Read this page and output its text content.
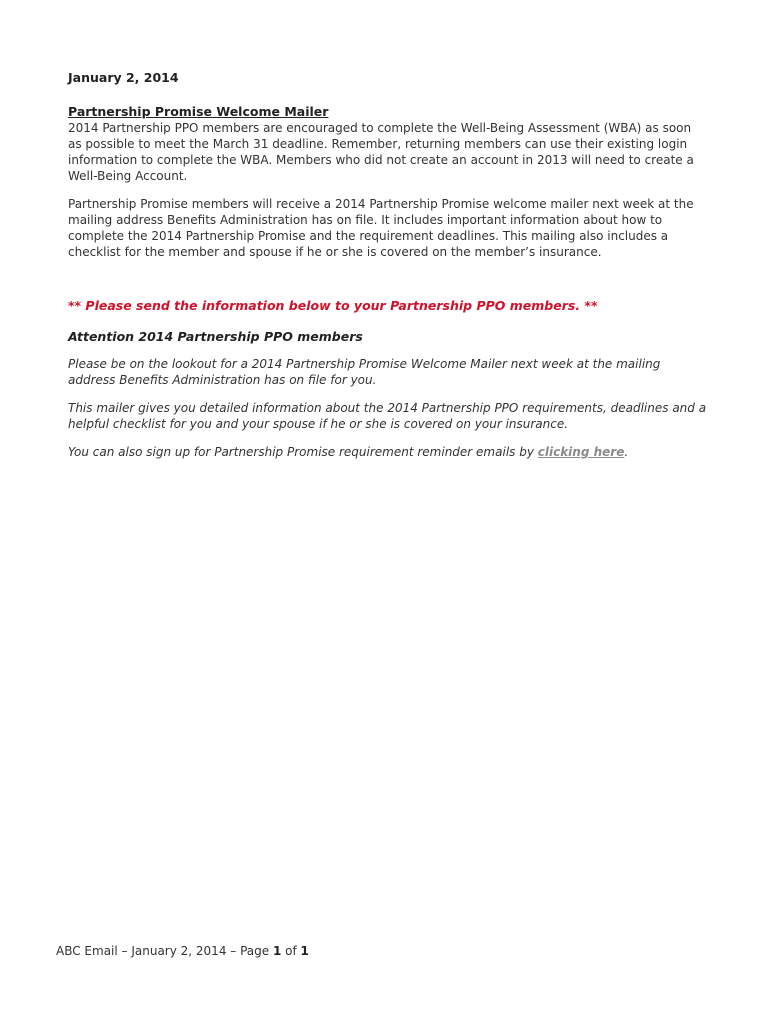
January 2, 2014
Partnership Promise Welcome Mailer

2014 Partnership PPO members are encouraged to complete the Well-Being Assessment (WBA) as soon as possible to meet the March 31 deadline. Remember, returning members can use their existing login information to complete the WBA. Members who did not create an account in 2013 will need to create a Well-Being Account.

Partnership Promise members will receive a 2014 Partnership Promise welcome mailer next week at the mailing address Benefits Administration has on file. It includes important information about how to complete the 2014 Partnership Promise and the requirement deadlines. This mailing also includes a checklist for the member and spouse if he or she is covered on the member’s insurance.

** Please send the information below to your Partnership PPO members. **
Attention 2014 Partnership PPO members

Please be on the lookout for a 2014 Partnership Promise Welcome Mailer next week at the mailing address Benefits Administration has on file for you.

This mailer gives you detailed information about the 2014 Partnership PPO requirements, deadlines and a helpful checklist for you and your spouse if he or she is covered on your insurance.

You can also sign up for Partnership Promise requirement reminder emails by clicking here.

ABC Email – January 2, 2014 – Page 1 of 1
